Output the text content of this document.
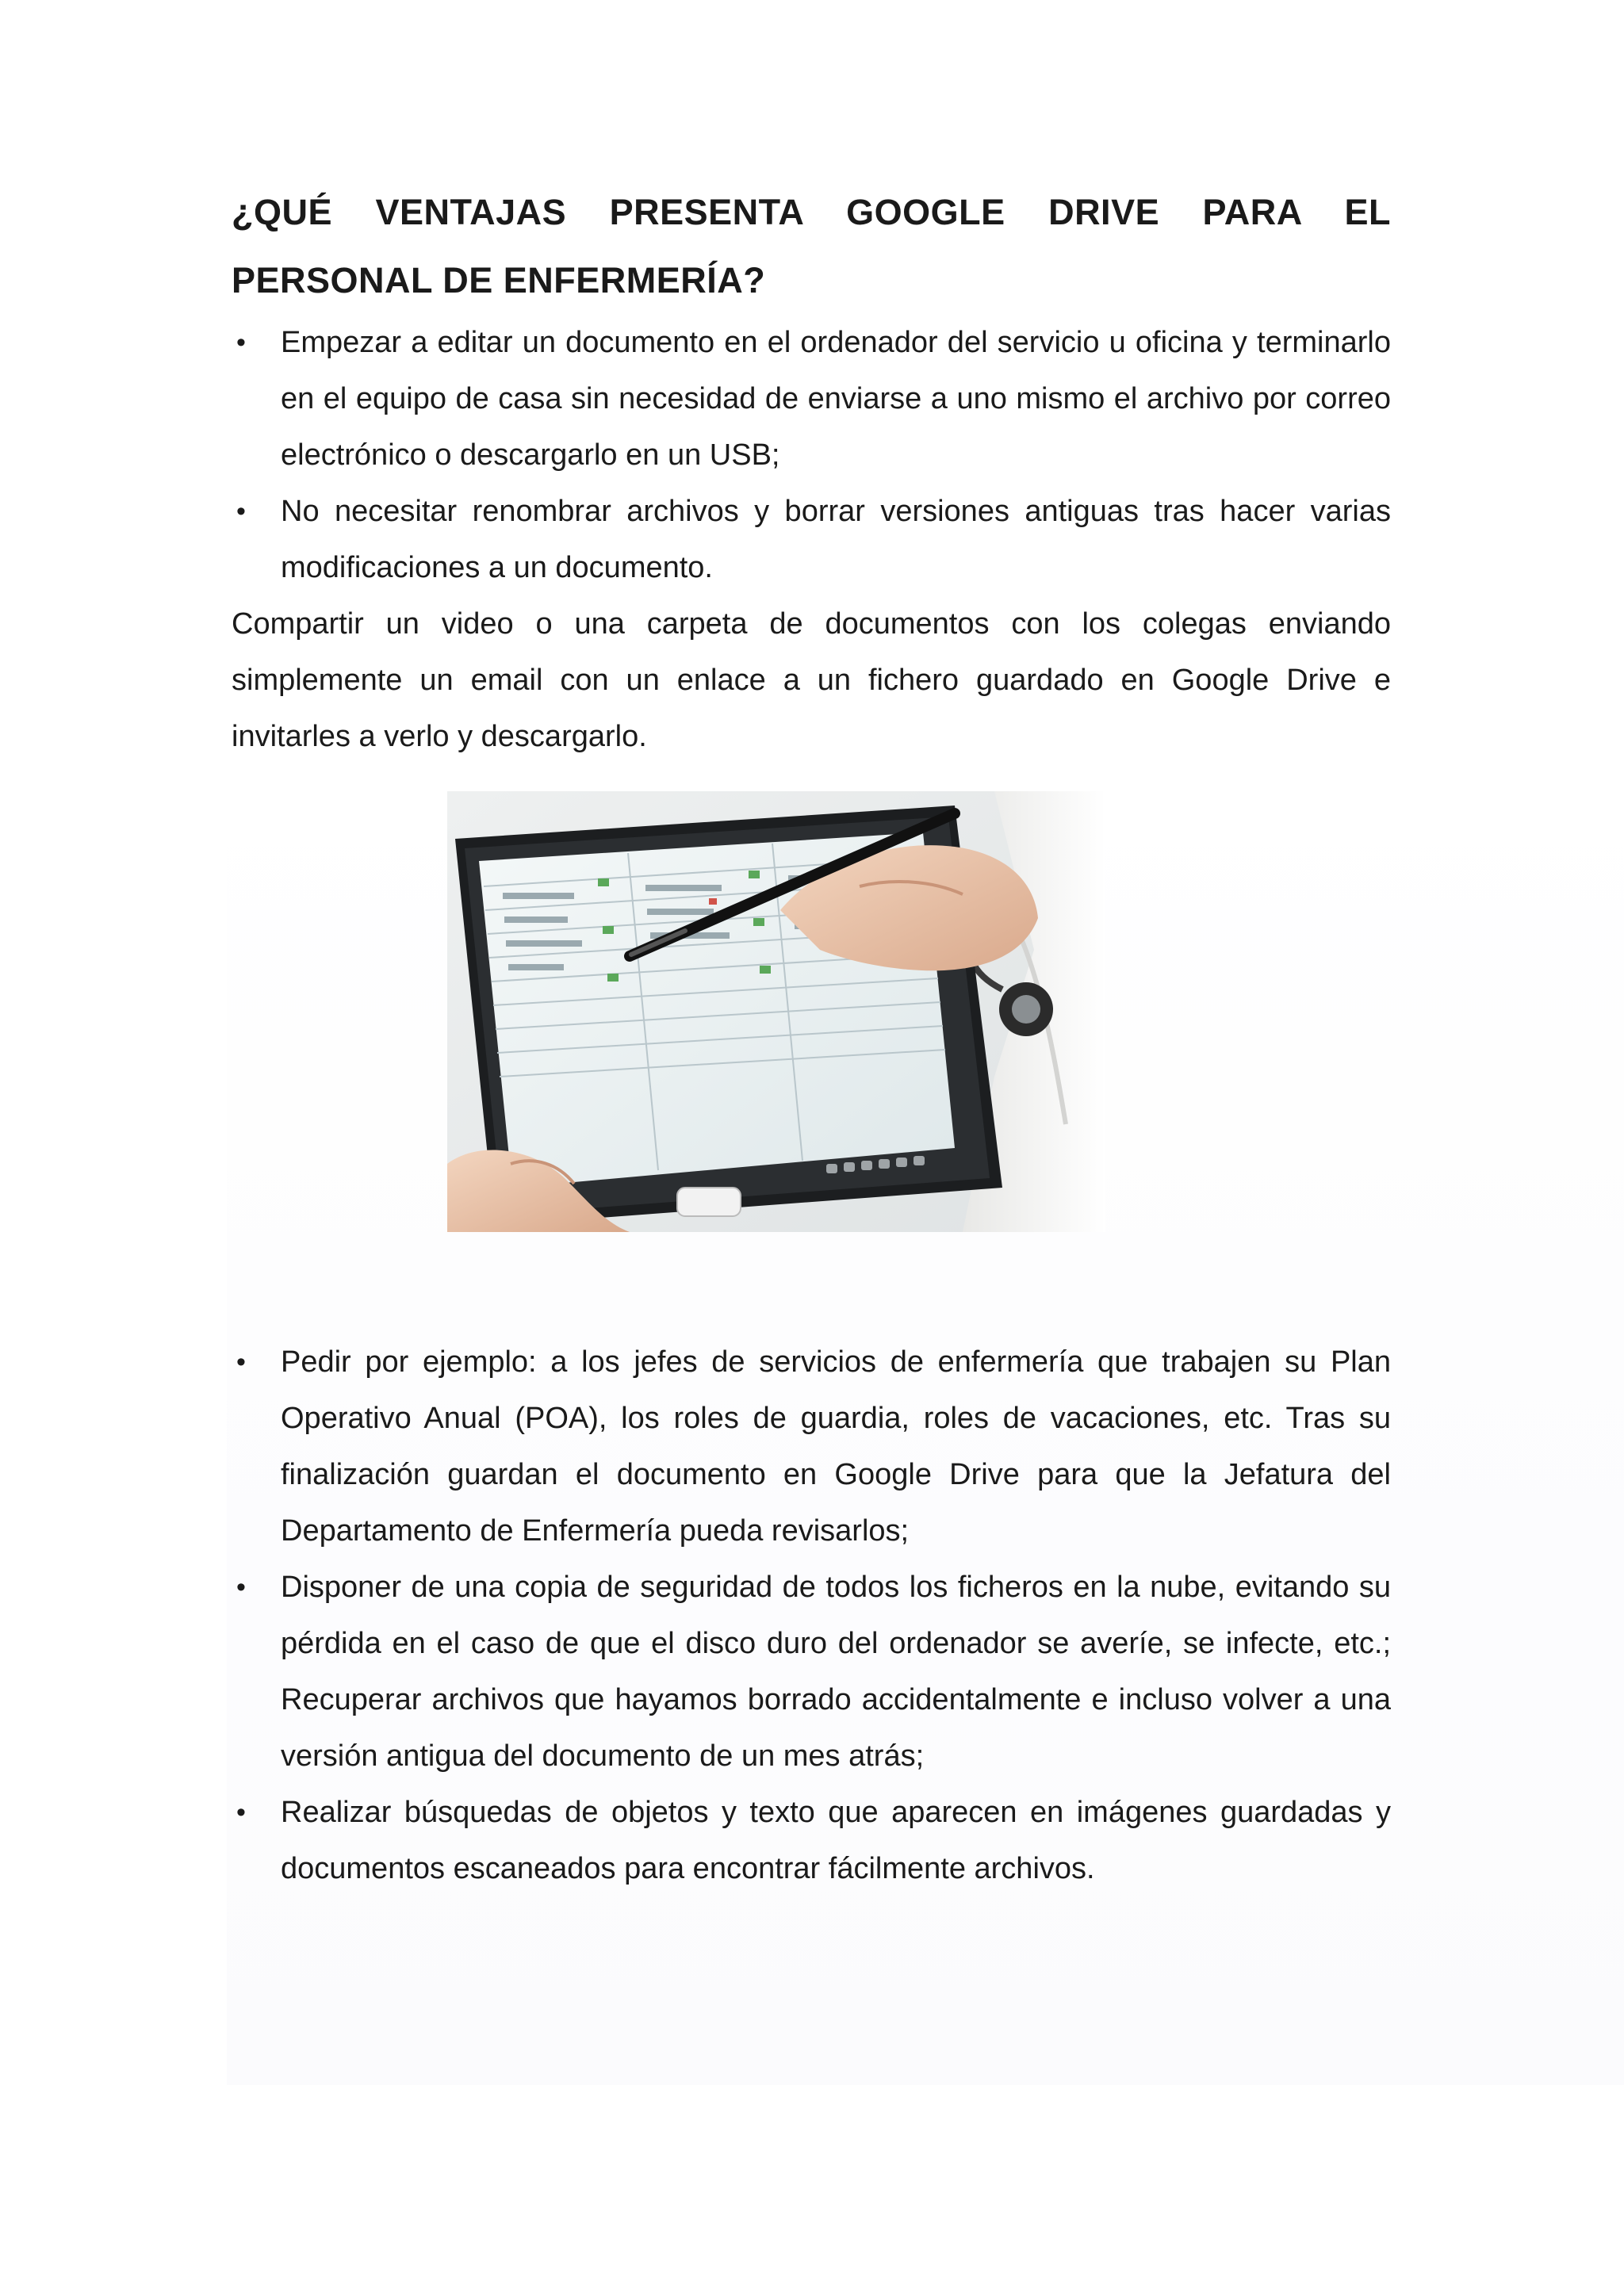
¿QUÉ VENTAJAS PRESENTA GOOGLE DRIVE PARA EL
PERSONAL DE ENFERMERÍA?
• Empezar a editar un documento en el ordenador del servicio u oficina y terminarlo en el equipo de casa sin necesidad de enviarse a uno mismo el archivo por correo electrónico o descargarlo en un USB;
• No necesitar renombrar archivos y borrar versiones antiguas tras hacer varias modificaciones a un documento.

Compartir un video o una carpeta de documentos con los colegas enviando simplemente un email con un enlace a un fichero guardado en Google Drive e invitarles a verlo y descargarlo.

• Pedir por ejemplo: a los jefes de servicios de enfermería que trabajen su Plan Operativo Anual (POA), los roles de guardia, roles de vacaciones, etc. Tras su finalización guardan el documento en Google Drive para que la Jefatura del Departamento de Enfermería pueda revisarlos;
• Disponer de una copia de seguridad de todos los ficheros en la nube, evitando su pérdida en el caso de que el disco duro del ordenador se averíe, se infecte, etc.; Recuperar archivos que hayamos borrado accidentalmente e incluso volver a una versión antigua del documento de un mes atrás;
• Realizar búsquedas de objetos y texto que aparecen en imágenes guardadas y documentos escaneados para encontrar fácilmente archivos.
